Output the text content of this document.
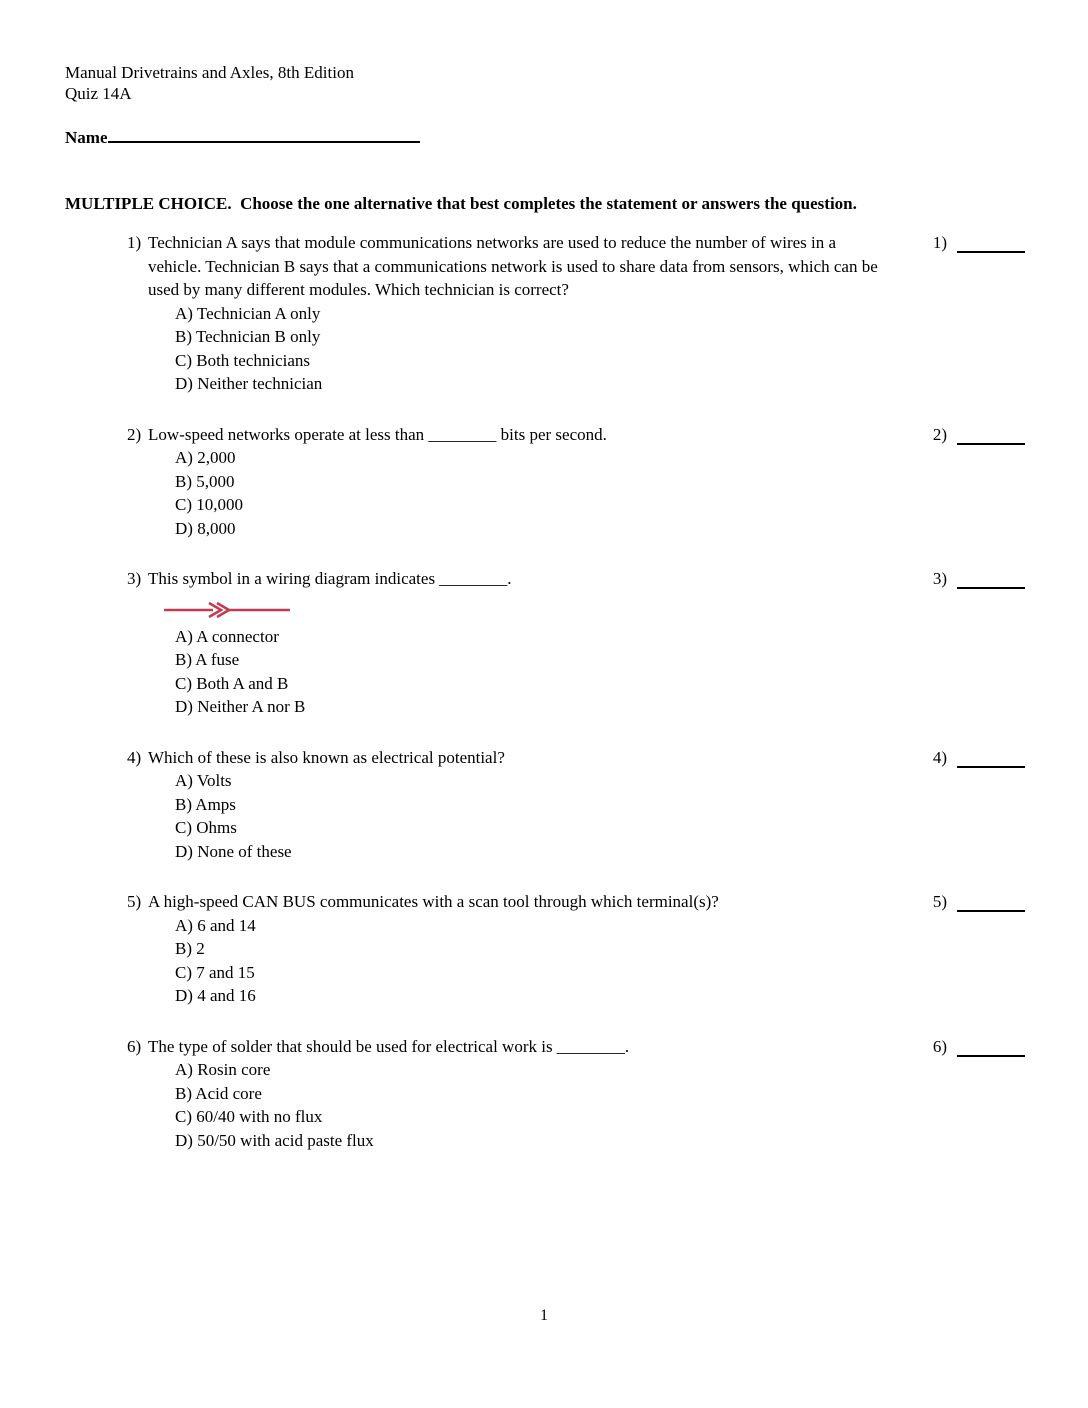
Manual Drivetrains and Axles, 8th Edition
Quiz 14A
Name
MULTIPLE CHOICE.  Choose the one alternative that best completes the statement or answers the question.
1) Technician A says that module communications networks are used to reduce the number of wires in a vehicle. Technician B says that a communications network is used to share data from sensors, which can be used by many different modules. Which technician is correct?
1)
A) Technician A only
B) Technician B only
C) Both technicians
D) Neither technician
2) Low-speed networks operate at less than ________ bits per second.	2)
A) 2,000
B) 5,000
C) 10,000
D) 8,000
3) This symbol in a wiring diagram indicates ________.	3)
A) A connector
B) A fuse
C) Both A and B
D) Neither A nor B
4) Which of these is also known as electrical potential?	4)
A) Volts
B) Amps
C) Ohms
D) None of these
5) A high-speed CAN BUS communicates with a scan tool through which terminal(s)?	5)
A) 6 and 14
B) 2
C) 7 and 15
D) 4 and 16
6) The type of solder that should be used for electrical work is ________.	6)
A) Rosin core
B) Acid core
C) 60/40 with no flux
D) 50/50 with acid paste flux
1
